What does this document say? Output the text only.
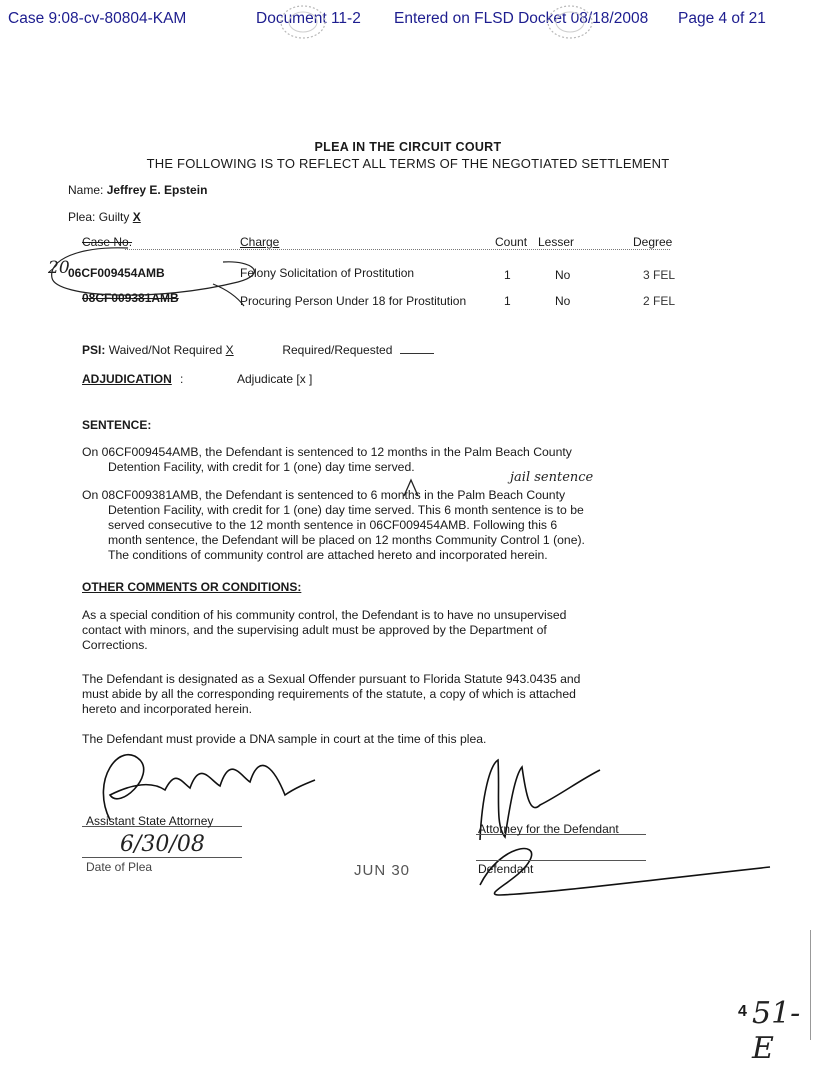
Case 9:08-cv-80804-KAM	Document 11-2 Entered on FLSD Docket 08/18/2008 Page 4 of 21
PLEA IN THE CIRCUIT COURT
THE FOLLOWING IS TO REFLECT ALL TERMS OF THE NEGOTIATED SETTLEMENT
Name: Jeffrey E. Epstein
Plea: Guilty X
Case No.	Charge	Count Lesser	Degree
06CF009454AMB	Felony Solicitation of Prostitution	1	No	3 FEL
08CF009381AMB	Procuring Person Under 18 for Prostitution	1	No	2 FEL
20
PSI: Waived/Not Required X	Required/Requested
ADJUDICATION :	Adjudicate [x ]
SENTENCE:
On 06CF009454AMB, the Defendant is sentenced to 12 months in the Palm Beach County
Detention Facility, with credit for 1 (one) day time served.
jail sentence
On 08CF009381AMB, the Defendant is sentenced to 6 months in the Palm Beach County
Detention Facility, with credit for 1 (one) day time served. This 6 month sentence is to be
served consecutive to the 12 month sentence in 06CF009454AMB. Following this 6
month sentence, the Defendant will be placed on 12 months Community Control 1 (one).
The conditions of community control are attached hereto and incorporated herein.
OTHER COMMENTS OR CONDITIONS:
As a special condition of his community control, the Defendant is to have no unsupervised
contact with minors, and the supervising adult must be approved by the Department of
Corrections.
The Defendant is designated as a Sexual Offender pursuant to Florida Statute 943.0435 and
must abide by all the corresponding requirements of the statute, a copy of which is attached
hereto and incorporated herein.
The Defendant must provide a DNA sample in court at the time of this plea.
Assistant State Attorney
6/30/08
Date of Plea	JUN 30
Attorney for the Defendant
Defendant
4 51-E
